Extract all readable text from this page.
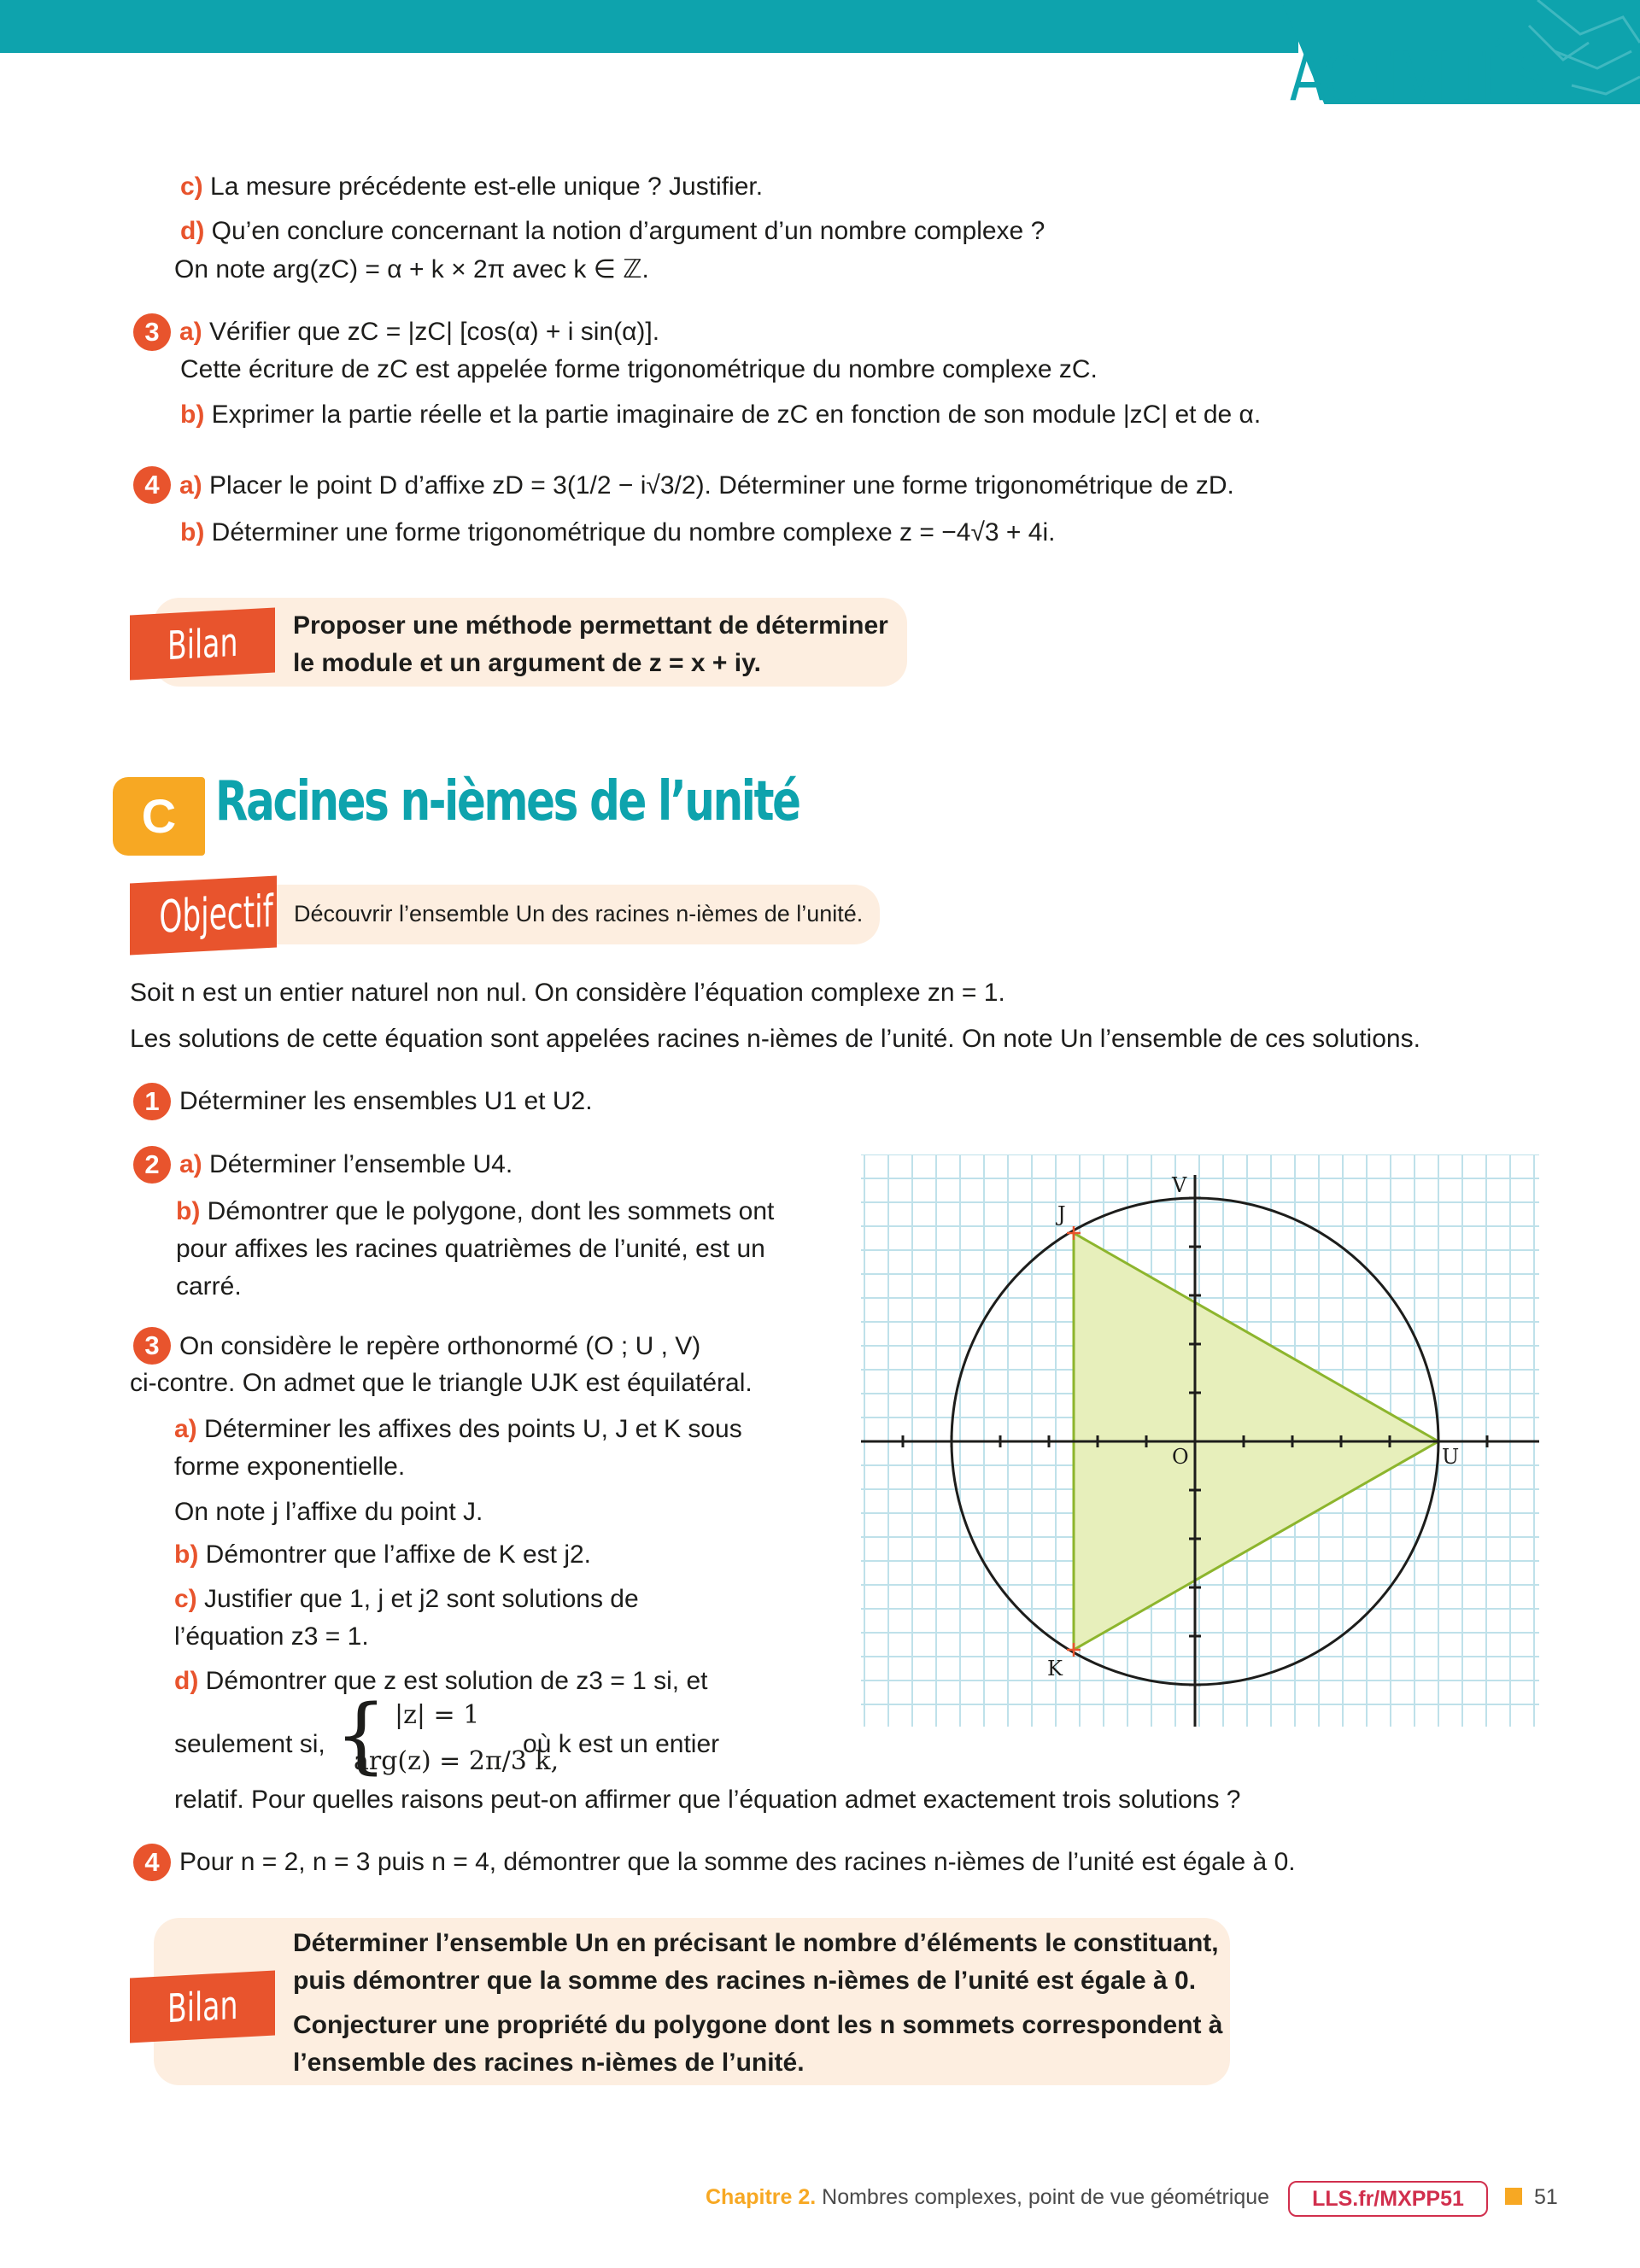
ACTIVITÉS
c) La mesure précédente est-elle unique ? Justifier.
d) Qu’en conclure concernant la notion d’argument d’un nombre complexe ?
On note arg(zC) = α + k × 2π avec k ∈ ℤ.
3 a) Vérifier que zC = |zC| [cos(α) + i sin(α)].
Cette écriture de zC est appelée forme trigonométrique du nombre complexe zC.
b) Exprimer la partie réelle et la partie imaginaire de zC en fonction de son module |zC| et de α.
4 a) Placer le point D d’affixe zD = 3(1/2 − i√3/2). Déterminer une forme trigonométrique de zD.
b) Déterminer une forme trigonométrique du nombre complexe z = −4√3 + 4i.
Bilan	Proposer une méthode permettant de déterminer
le module et un argument de z = x + iy.
C Racines n-ièmes de l’unité
Objectif Découvrir l’ensemble Un des racines n-ièmes de l’unité.
Soit n est un entier naturel non nul. On considère l’équation complexe zn = 1.
Les solutions de cette équation sont appelées racines n-ièmes de l’unité. On note Un l’ensemble de ces solutions.
1 Déterminer les ensembles U1 et U2.
2 a) Déterminer l’ensemble U4.
b) Démontrer que le polygone, dont les sommets ont
pour affixes les racines quatrièmes de l’unité, est un
carré.
3 On considère le repère orthonormé (O ; U , V)
ci-contre. On admet que le triangle UJK est équilatéral.
a) Déterminer les affixes des points U, J et K sous
forme exponentielle.
On note j l’affixe du point J.
b) Démontrer que l’affixe de K est j2.
c) Justifier que 1, j et j2 sont solutions de
l’équation z3 = 1.
d) Démontrer que z est solution de z3 = 1 si, et
seulement si, { |z| = 1
arg(z) = 2π/3 k,
où k est un entier
relatif. Pour quelles raisons peut-on affirmer que l’équation admet exactement trois solutions ?
4 Pour n = 2, n = 3 puis n = 4, démontrer que la somme des racines n-ièmes de l’unité est égale à 0.
V
J
O	U
K
Bilan
Déterminer l’ensemble Un en précisant le nombre d’éléments le constituant,
puis démontrer que la somme des racines n-ièmes de l’unité est égale à 0.
Conjecturer une propriété du polygone dont les n sommets correspondent à
l’ensemble des racines n-ièmes de l’unité.
Chapitre 2. Nombres complexes, point de vue géométrique	LLS.fr/MXPP51	51
